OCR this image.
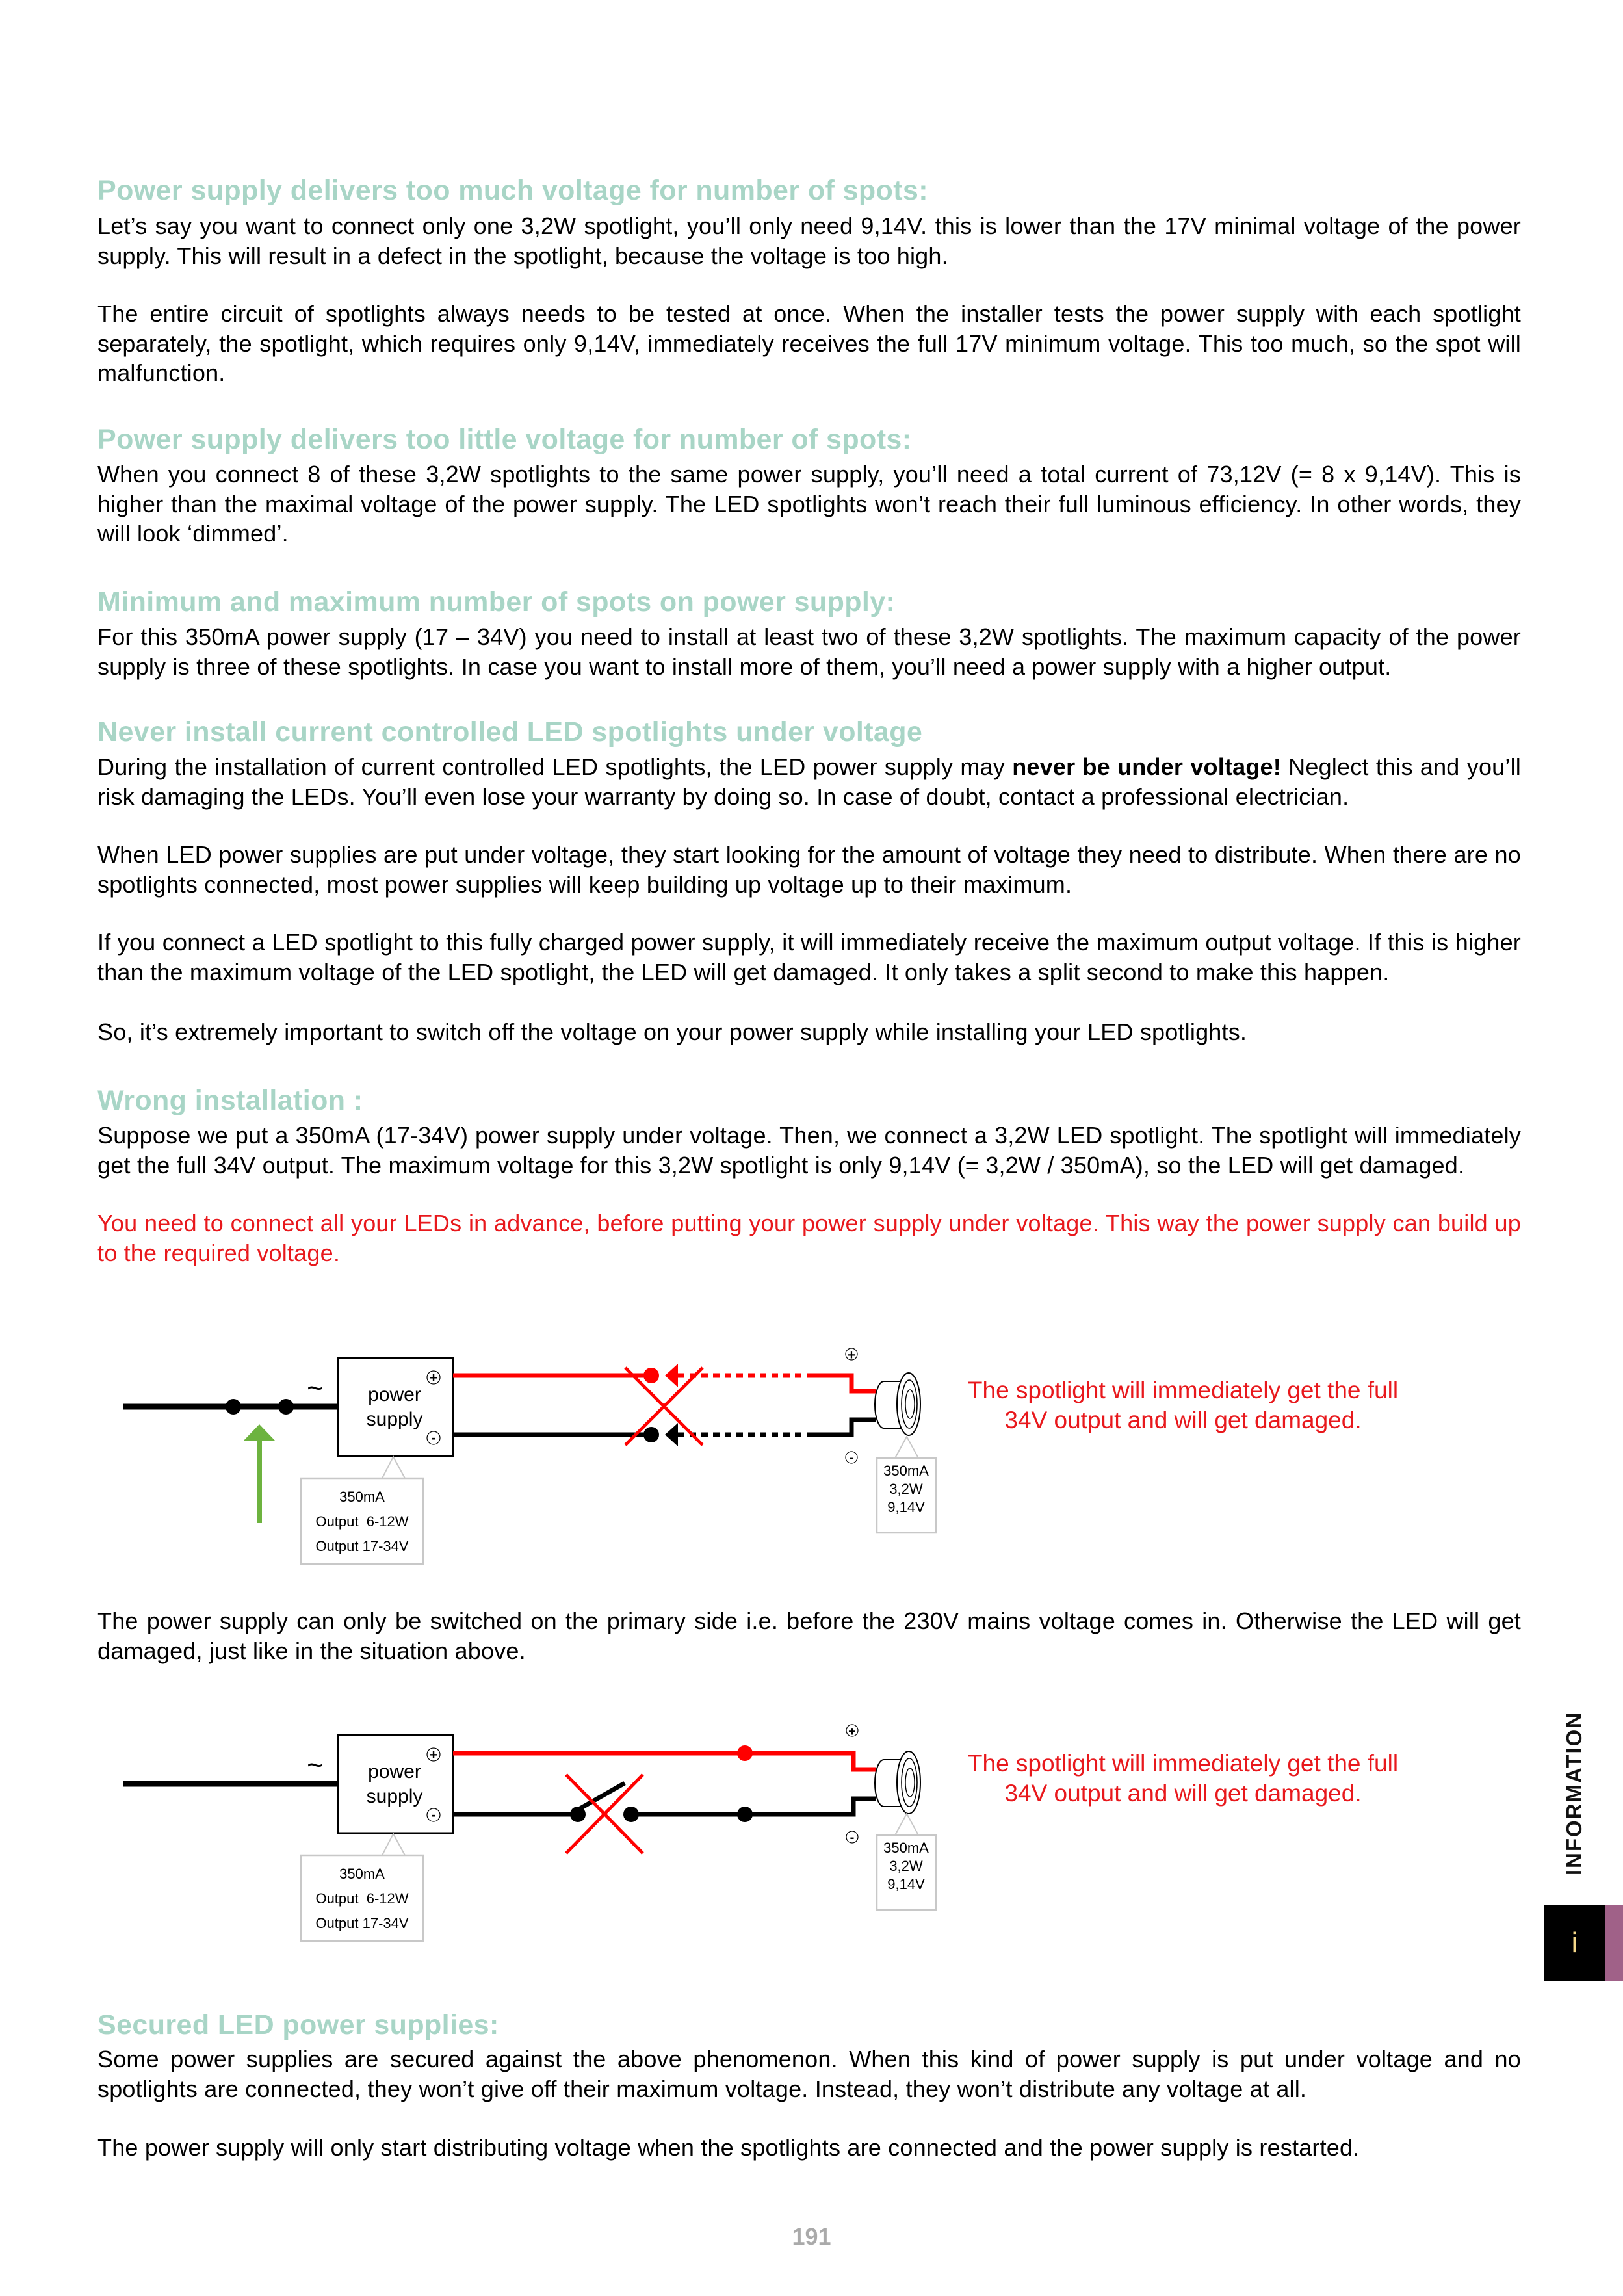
Power supply delivers too much voltage for number of spots:

Let’s say you want to connect only one 3,2W spotlight, you’ll only need 9,14V. this is lower than the 17V minimal voltage of the power supply. This will result in a defect in the spotlight, because the voltage is too high.

The entire circuit of spotlights always needs to be tested at once. When the installer tests the power supply with each spotlight separately, the spotlight, which requires only 9,14V, immediately receives the full 17V minimum voltage. This too much, so the spot will malfunction.

Power supply delivers too little voltage for number of spots:

When you connect 8 of these 3,2W spotlights to the same power supply, you’ll need a total current of 73,12V (= 8 x 9,14V). This is higher than the maximal voltage of the power supply. The LED spotlights won’t reach their full luminous efficiency. In other words, they will look ‘dimmed’.

Minimum and maximum number of spots on power supply:

For this 350mA power supply (17 – 34V) you need to install at least two of these 3,2W spotlights. The maximum capacity of the power supply is three of these spotlights. In case you want to install more of them, you’ll need a power supply with a higher output.

Never install current controlled LED spotlights under voltage

During the installation of current controlled LED spotlights, the LED power supply may never be under voltage! Neglect this and you’ll risk damaging the LEDs. You’ll even lose your warranty by doing so. In case of doubt, contact a professional electrician.

When LED power supplies are put under voltage, they start looking for the amount of voltage they need to distribute. When there are no spotlights connected, most power supplies will keep building up voltage up to their maximum.

If you connect a LED spotlight to this fully charged power supply, it will immediately receive the maximum output voltage. If this is higher than the maximum voltage of the LED spotlight, the LED will get damaged. It only takes a split second to make this happen.

So, it’s extremely important to switch off the voltage on your power supply while installing your LED spotlights.

Wrong installation :

Suppose we put a 350mA (17-34V) power supply under voltage. Then, we connect a 3,2W LED spotlight. The spotlight will immediately get the full 34V output. The maximum voltage for this 3,2W spotlight is only 9,14V (= 3,2W / 350mA), so the LED will get damaged.

You need to connect all your LEDs in advance, before putting your power supply under voltage. This way the power supply can build up to the required voltage.

~ power
supply
+
-
350mA
Output  6-12W
Output 17-34V
+
-
350mA
3,2W
9,14V
The spotlight will immediately get the full
34V output and will get damaged.

The power supply can only be switched on the primary side i.e. before the 230V mains voltage comes in. Otherwise the LED will get damaged, just like in the situation above.

~ power
supply
+
-
350mA
Output  6-12W
Output 17-34V
+
-
350mA
3,2W
9,14V
The spotlight will immediately get the full
34V output and will get damaged.
Secured LED power supplies:

Some power supplies are secured against the above phenomenon. When this kind of power supply is put under voltage and no spotlights are connected, they won’t give off their maximum voltage. Instead, they won’t distribute any voltage at all.

The power supply will only start distributing voltage when the spotlights are connected and the power supply is restarted.

INFORMATION
i
191
